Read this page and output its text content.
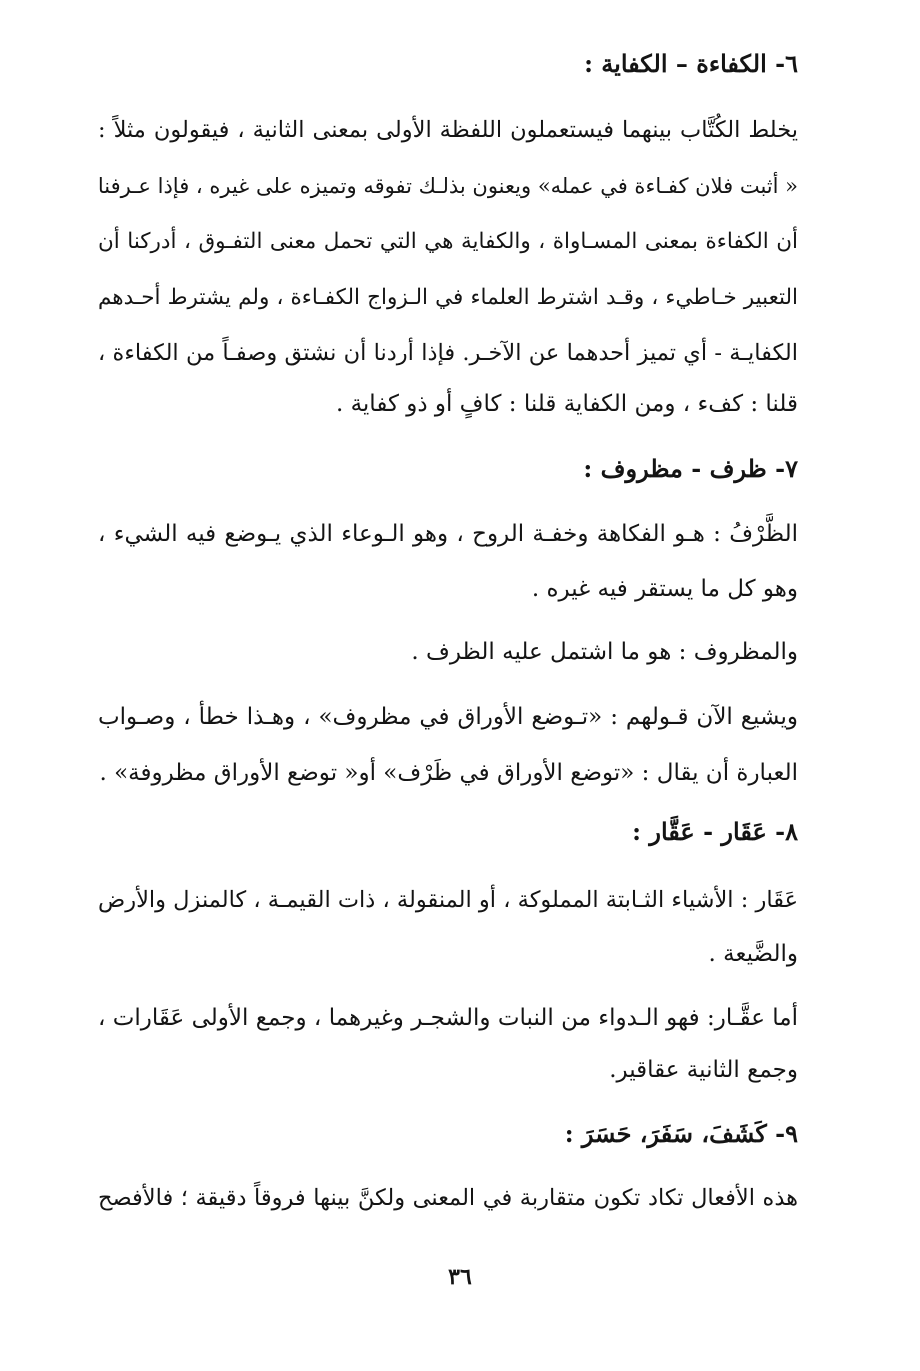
٦- الكفاءة – الكفاية :
يخلط الكُتَّاب بينهما فيستعملون اللفظة الأولى بمعنى الثانية ، فيقولون مثلاً :
« أثبت فلان كفـاءة في عمله» ويعنون بذلـك تفوقه وتميزه على غيره ، فإذا عـرفنا
أن الكفاءة بمعنى المسـاواة ، والكفاية هي التي تحمل معنى التفـوق ، أدركنا أن
التعبير خـاطيء ، وقـد اشترط العلماء في الـزواج الكفـاءة ، ولم يشترط أحـدهم
الكفايـة - أي تميز أحدهما عن الآخـر. فإذا أردنا أن نشتق وصفـاً من الكفاءة ،
قلنا : كفء ، ومن الكفاية قلنا : كافٍ أو ذو كفاية .
٧- ظرف - مظروف :
الظَّرْفُ : هـو الفكاهة وخفـة الروح ، وهو الـوعاء الذي يـوضع فيه الشيء ،
وهو كل ما يستقر فيه غيره .
والمظروف : هو ما اشتمل عليه الظرف .
ويشيع الآن قـولهم : «تـوضع الأوراق في مظروف» ، وهـذا خطأ ، وصـواب
العبارة أن يقال : «توضع الأوراق في ظَرْف» أو« توضع الأوراق مظروفة» .
٨- عَقَار - عَقَّار :
عَقَار : الأشياء الثـابتة المملوكة ، أو المنقولة ، ذات القيمـة ، كالمنزل والأرض
والضَّيعة .
أما عقَّـار: فهو الـدواء من النبات والشجـر وغيرهما ، وجمع الأولى عَقَارات ،
وجمع الثانية عقاقير.
٩- كَشَفَ، سَفَرَ، حَسَرَ :
هذه الأفعال تكاد تكون متقاربة في المعنى ولكنَّ بينها فروقاً دقيقة ؛ فالأفصح
٣٦
